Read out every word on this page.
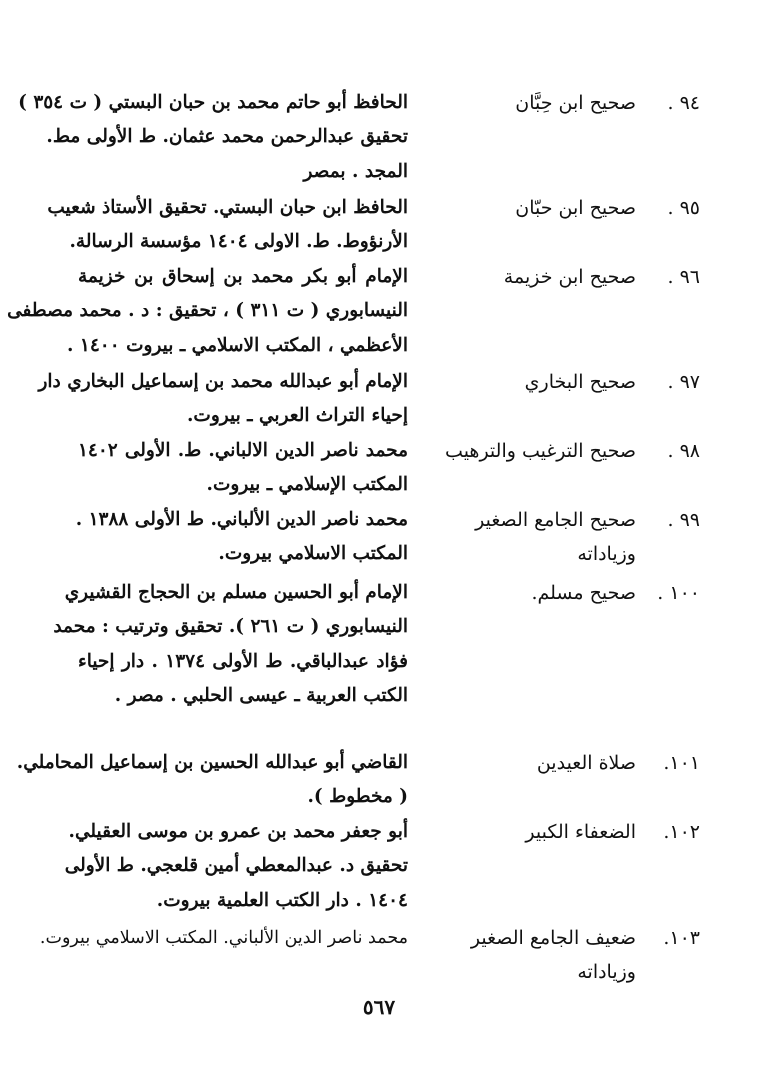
٩٤ .
صحيح ابن حِبَّان
الحافظ أبو حاتم محمد بن حبان البستي ( ت ٣٥٤ )
تحقيق عبدالرحمن محمد عثمان. ط الأولى مط.
المجد . بمصر
٩٥ .
صحيح ابن حبّان
الحافظ ابن حبان البستي. تحقيق الأستاذ شعيب
الأرنؤوط. ط. الاولى ١٤٠٤ مؤسسة الرسالة.
٩٦ .
صحيح ابن خزيمة
الإمام أبو بكر محمد بن إسحاق بن خزيمة
النيسابوري ( ت ٣١١ ) ، تحقيق : د . محمد مصطفى
الأعظمي ، المكتب الاسلامي ـ بيروت ١٤٠٠ .
٩٧ .
صحيح البخاري
الإمام أبو عبدالله محمد بن إسماعيل البخاري دار
إحياء التراث العربي ـ بيروت.
٩٨ .
صحيح الترغيب والترهيب
محمد ناصر الدين الالباني. ط. الأولى ١٤٠٢
المكتب الإسلامي ـ بيروت.
٩٩ .
صحيح الجامع الصغير وزياداته
محمد ناصر الدين الألباني. ط الأولى ١٣٨٨ .
المكتب الاسلامي بيروت.
١٠٠ .
صحيح مسلم.
الإمام أبو الحسين مسلم بن الحجاج القشيري
النيسابوري ( ت ٢٦١ ). تحقيق وترتيب : محمد
فؤاد عبدالباقي. ط الأولى ١٣٧٤ . دار إحياء
الكتب العربية ـ عيسى الحلبي . مصر .
١٠١.
صلاة العيدين
القاضي أبو عبدالله الحسين بن إسماعيل المحاملي.
( مخطوط ).
١٠٢.
الضعفاء الكبير
أبو جعفر محمد بن عمرو بن موسى العقيلي.
تحقيق د. عبدالمعطي أمين قلعجي. ط الأولى
١٤٠٤ . دار الكتب العلمية بيروت.
١٠٣.
ضعيف الجامع الصغير وزياداته
محمد ناصر الدين الألباني. المكتب الاسلامي بيروت.
٥٦٧
